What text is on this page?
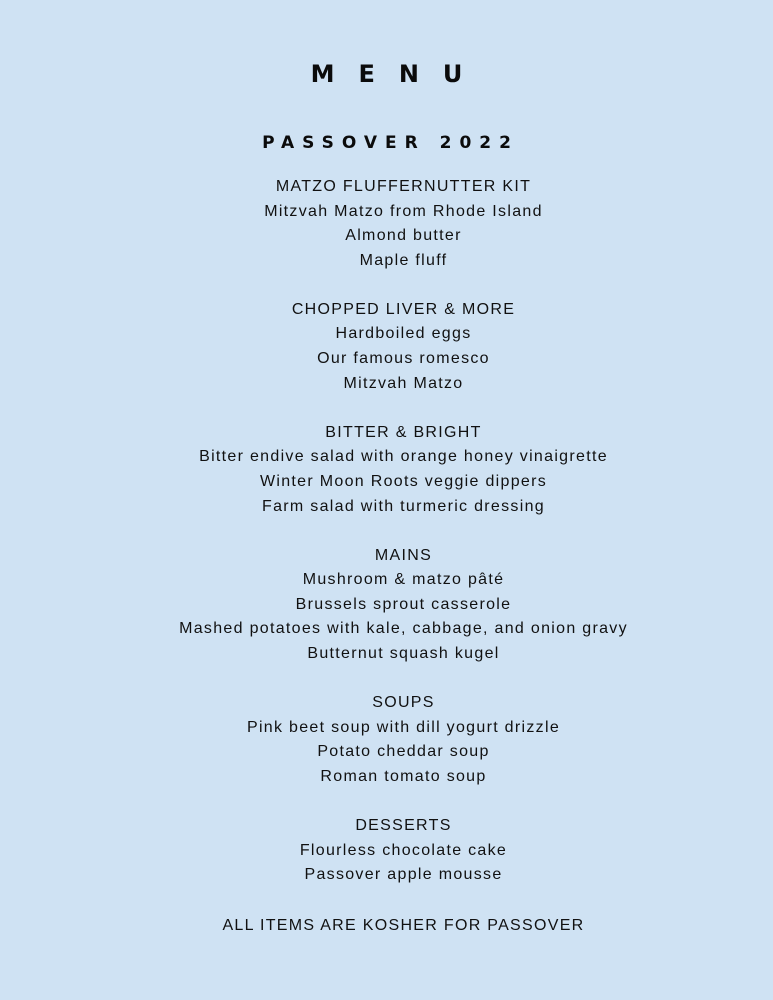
MENU
PASSOVER 2022
MATZO FLUFFERNUTTER KIT
Mitzvah Matzo from Rhode Island
Almond butter
Maple fluff
CHOPPED LIVER & MORE
Hardboiled eggs
Our famous romesco
Mitzvah Matzo
BITTER & BRIGHT
Bitter endive salad with orange honey vinaigrette
Winter Moon Roots veggie dippers
Farm salad with turmeric dressing
MAINS
Mushroom & matzo pâté
Brussels sprout casserole
Mashed potatoes with kale, cabbage, and onion gravy
Butternut squash kugel
SOUPS
Pink beet soup with dill yogurt drizzle
Potato cheddar soup
Roman tomato soup
DESSERTS
Flourless chocolate cake
Passover apple mousse
ALL ITEMS ARE KOSHER FOR PASSOVER
